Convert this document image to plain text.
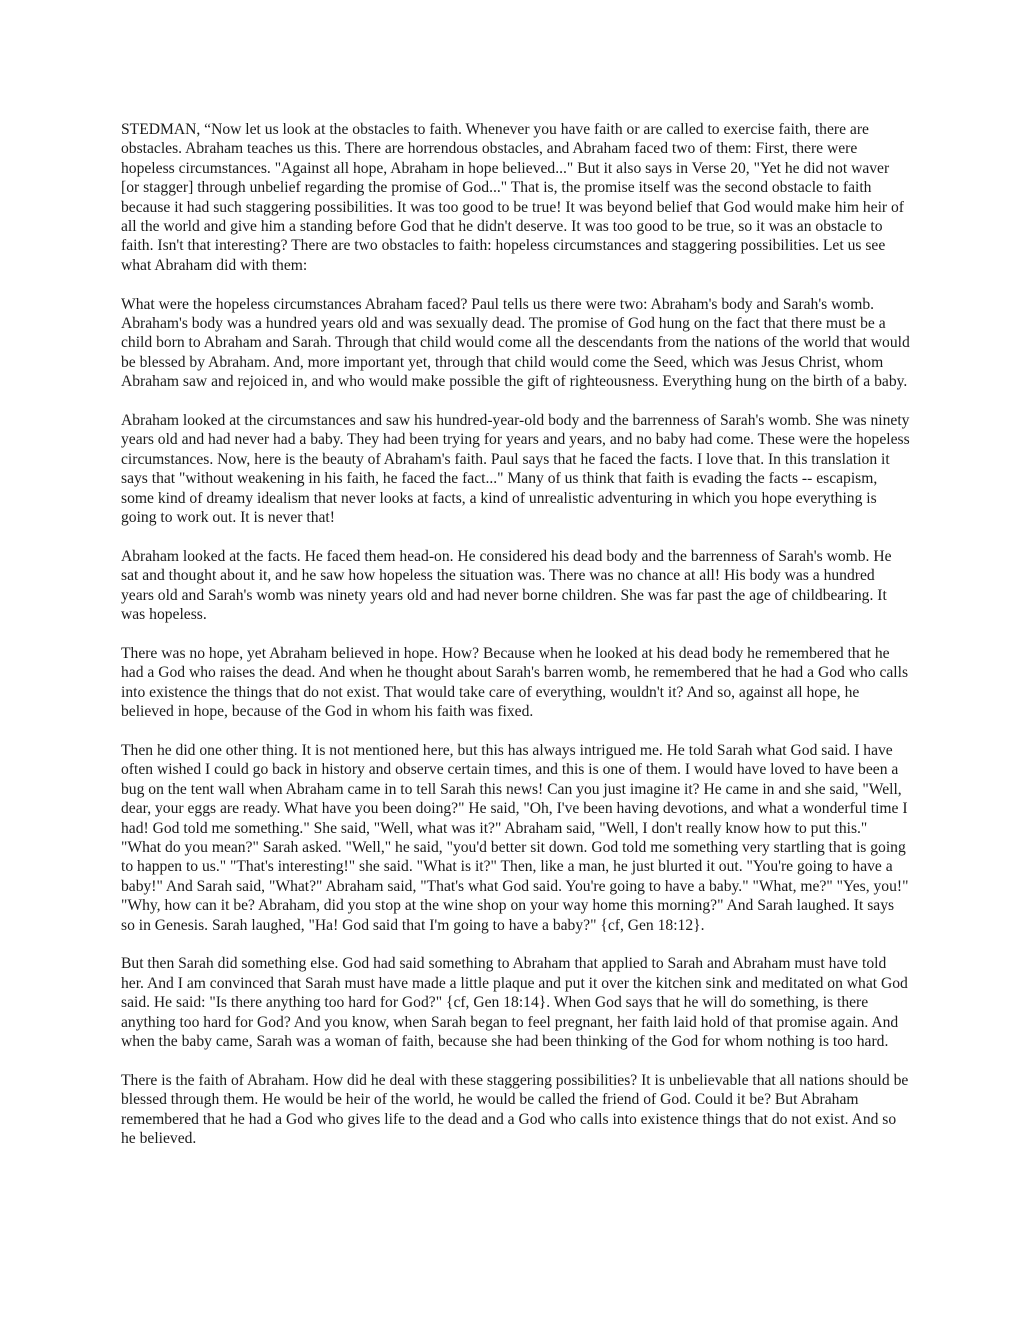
STEDMAN, “Now let us look at the obstacles to faith. Whenever you have faith or are called to exercise faith, there are obstacles. Abraham teaches us this. There are horrendous obstacles, and Abraham faced two of them: First, there were hopeless circumstances. "Against all hope, Abraham in hope believed..." But it also says in Verse 20, "Yet he did not waver [or stagger] through unbelief regarding the promise of God..." That is, the promise itself was the second obstacle to faith because it had such staggering possibilities. It was too good to be true! It was beyond belief that God would make him heir of all the world and give him a standing before God that he didn't deserve. It was too good to be true, so it was an obstacle to faith. Isn't that interesting? There are two obstacles to faith: hopeless circumstances and staggering possibilities. Let us see what Abraham did with them:

What were the hopeless circumstances Abraham faced? Paul tells us there were two: Abraham's body and Sarah's womb. Abraham's body was a hundred years old and was sexually dead. The promise of God hung on the fact that there must be a child born to Abraham and Sarah. Through that child would come all the descendants from the nations of the world that would be blessed by Abraham. And, more important yet, through that child would come the Seed, which was Jesus Christ, whom Abraham saw and rejoiced in, and who would make possible the gift of righteousness. Everything hung on the birth of a baby.

Abraham looked at the circumstances and saw his hundred-year-old body and the barrenness of Sarah's womb. She was ninety years old and had never had a baby. They had been trying for years and years, and no baby had come. These were the hopeless circumstances. Now, here is the beauty of Abraham's faith. Paul says that he faced the facts. I love that. In this translation it says that "without weakening in his faith, he faced the fact..." Many of us think that faith is evading the facts -- escapism, some kind of dreamy idealism that never looks at facts, a kind of unrealistic adventuring in which you hope everything is going to work out. It is never that!

Abraham looked at the facts. He faced them head-on. He considered his dead body and the barrenness of Sarah's womb. He sat and thought about it, and he saw how hopeless the situation was. There was no chance at all! His body was a hundred years old and Sarah's womb was ninety years old and had never borne children. She was far past the age of childbearing. It was hopeless.

There was no hope, yet Abraham believed in hope. How? Because when he looked at his dead body he remembered that he had a God who raises the dead. And when he thought about Sarah's barren womb, he remembered that he had a God who calls into existence the things that do not exist. That would take care of everything, wouldn't it? And so, against all hope, he believed in hope, because of the God in whom his faith was fixed.

Then he did one other thing. It is not mentioned here, but this has always intrigued me. He told Sarah what God said. I have often wished I could go back in history and observe certain times, and this is one of them. I would have loved to have been a bug on the tent wall when Abraham came in to tell Sarah this news! Can you just imagine it? He came in and she said, "Well, dear, your eggs are ready. What have you been doing?" He said, "Oh, I've been having devotions, and what a wonderful time I had! God told me something." She said, "Well, what was it?" Abraham said, "Well, I don't really know how to put this." "What do you mean?" Sarah asked. "Well," he said, "you'd better sit down. God told me something very startling that is going to happen to us." "That's interesting!" she said. "What is it?" Then, like a man, he just blurted it out. "You're going to have a baby!" And Sarah said, "What?" Abraham said, "That's what God said. You're going to have a baby." "What, me?" "Yes, you!" "Why, how can it be? Abraham, did you stop at the wine shop on your way home this morning?" And Sarah laughed. It says so in Genesis. Sarah laughed, "Ha! God said that I'm going to have a baby?" {cf, Gen 18:12}.

But then Sarah did something else. God had said something to Abraham that applied to Sarah and Abraham must have told her. And I am convinced that Sarah must have made a little plaque and put it over the kitchen sink and meditated on what God said. He said: "Is there anything too hard for God?" {cf, Gen 18:14}. When God says that he will do something, is there anything too hard for God? And you know, when Sarah began to feel pregnant, her faith laid hold of that promise again. And when the baby came, Sarah was a woman of faith, because she had been thinking of the God for whom nothing is too hard.

There is the faith of Abraham. How did he deal with these staggering possibilities? It is unbelievable that all nations should be blessed through them. He would be heir of the world, he would be called the friend of God. Could it be? But Abraham remembered that he had a God who gives life to the dead and a God who calls into existence things that do not exist. And so he believed.
